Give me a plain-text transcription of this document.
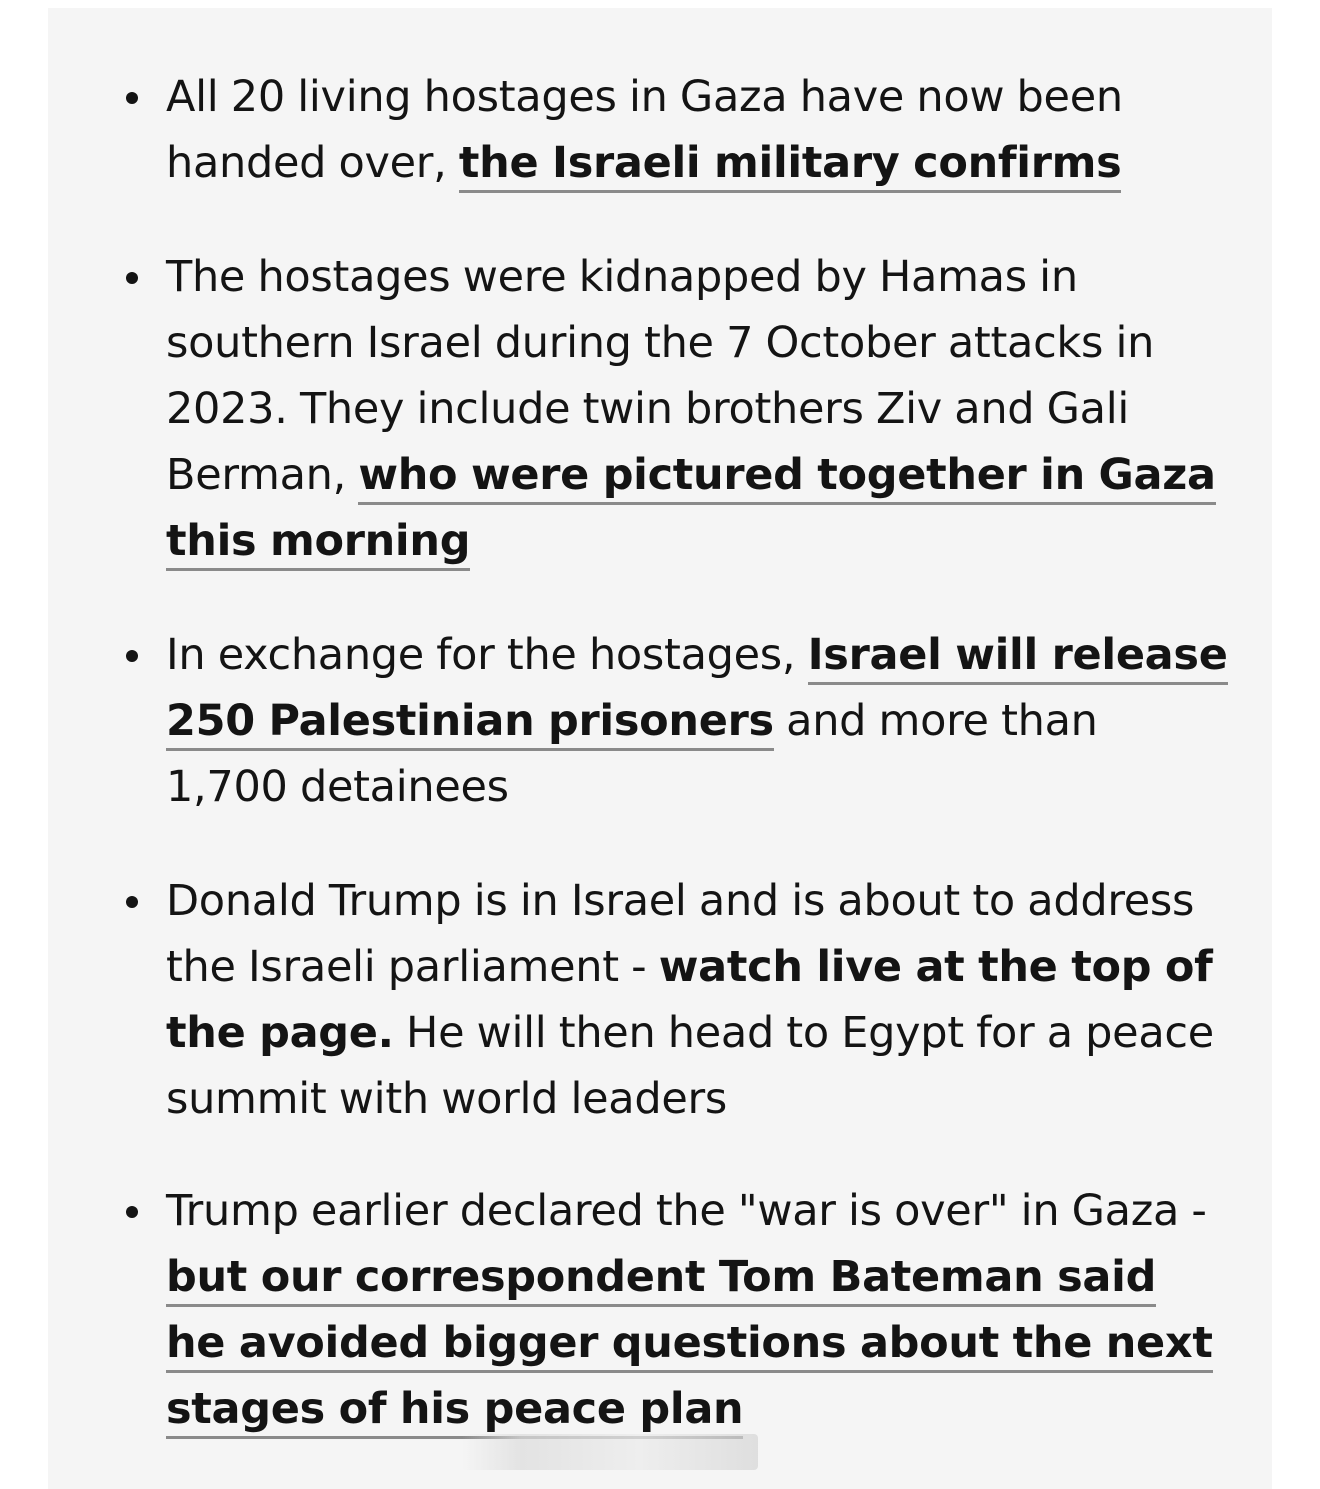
All 20 living hostages in Gaza have now been handed over, the Israeli military confirms
The hostages were kidnapped by Hamas in southern Israel during the 7 October attacks in 2023. They include twin brothers Ziv and Gali Berman, who were pictured together in Gaza this morning
In exchange for the hostages, Israel will release 250 Palestinian prisoners and more than 1,700 detainees
Donald Trump is in Israel and is about to address the Israeli parliament - watch live at the top of the page. He will then head to Egypt for a peace summit with world leaders
Trump earlier declared the "war is over" in Gaza - but our correspondent Tom Bateman said he avoided bigger questions about the next stages of his peace plan
